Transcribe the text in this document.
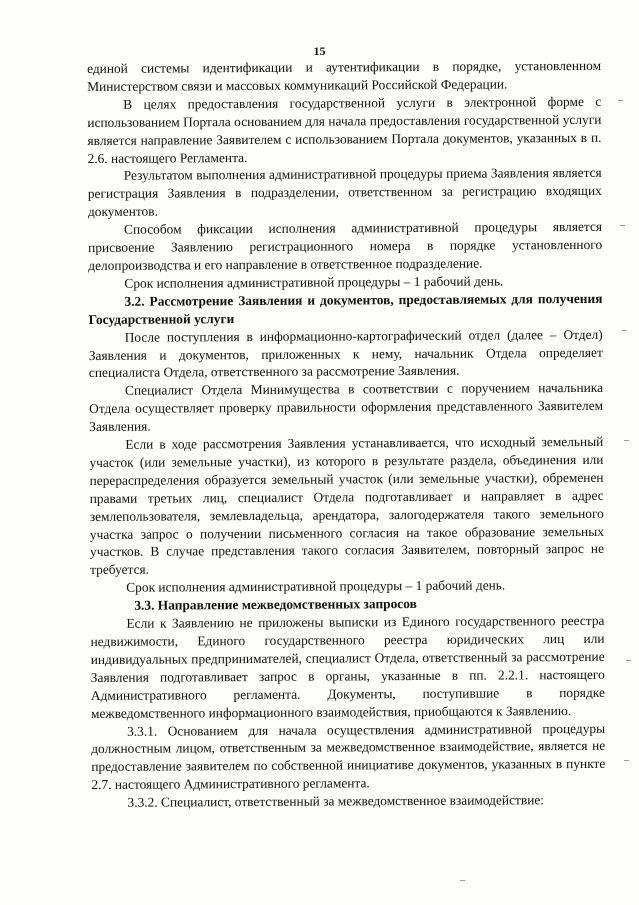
15

единой системы идентификации и аутентификации в порядке, установленном Министерством связи и массовых коммуникаций Российской Федерации.

В целях предоставления государственной услуги в электронной форме с использованием Портала основанием для начала предоставления государственной услуги является направление Заявителем с использованием Портала документов, указанных в п. 2.6. настоящего Регламента.

Результатом выполнения административной процедуры приема Заявления является регистрация Заявления в подразделении, ответственном за регистрацию входящих документов.

Способом фиксации исполнения административной процедуры является присвоение Заявлению регистрационного номера в порядке установленного делопроизводства и его направление в ответственное подразделение.

Срок исполнения административной процедуры – 1 рабочий день.

3.2. Рассмотрение Заявления и документов, предоставляемых для получения Государственной услуги

После поступления в информационно-картографический отдел (далее – Отдел) Заявления и документов, приложенных к нему, начальник Отдела определяет специалиста Отдела, ответственного за рассмотрение Заявления.

Специалист Отдела Минимущества в соответствии с поручением начальника Отдела осуществляет проверку правильности оформления представленного Заявителем Заявления.

Если в ходе рассмотрения Заявления устанавливается, что исходный земельный участок (или земельные участки), из которого в результате раздела, объединения или перераспределения образуется земельный участок (или земельные участки), обременен правами третьих лиц, специалист Отдела подготавливает и направляет в адрес землепользователя, землевладельца, арендатора, залогодержателя такого земельного участка запрос о получении письменного согласия на такое образование земельных участков. В случае представления такого согласия Заявителем, повторный запрос не требуется.

Срок исполнения административной процедуры – 1 рабочий день.

3.3. Направление межведомственных запросов

Если к Заявлению не приложены выписки из Единого государственного реестра недвижимости, Единого государственного реестра юридических лиц или индивидуальных предпринимателей, специалист Отдела, ответственный за рассмотрение Заявления подготавливает запрос в органы, указанные в пп. 2.2.1. настоящего Административного регламента. Документы, поступившие в порядке межведомственного информационного взаимодействия, приобщаются к Заявлению.

3.3.1. Основанием для начала осуществления административной процедуры должностным лицом, ответственным за межведомственное взаимодействие, является не предоставление заявителем по собственной инициативе документов, указанных в пункте 2.7. настоящего Административного регламента.

3.3.2. Специалист, ответственный за межведомственное взаимодействие:
